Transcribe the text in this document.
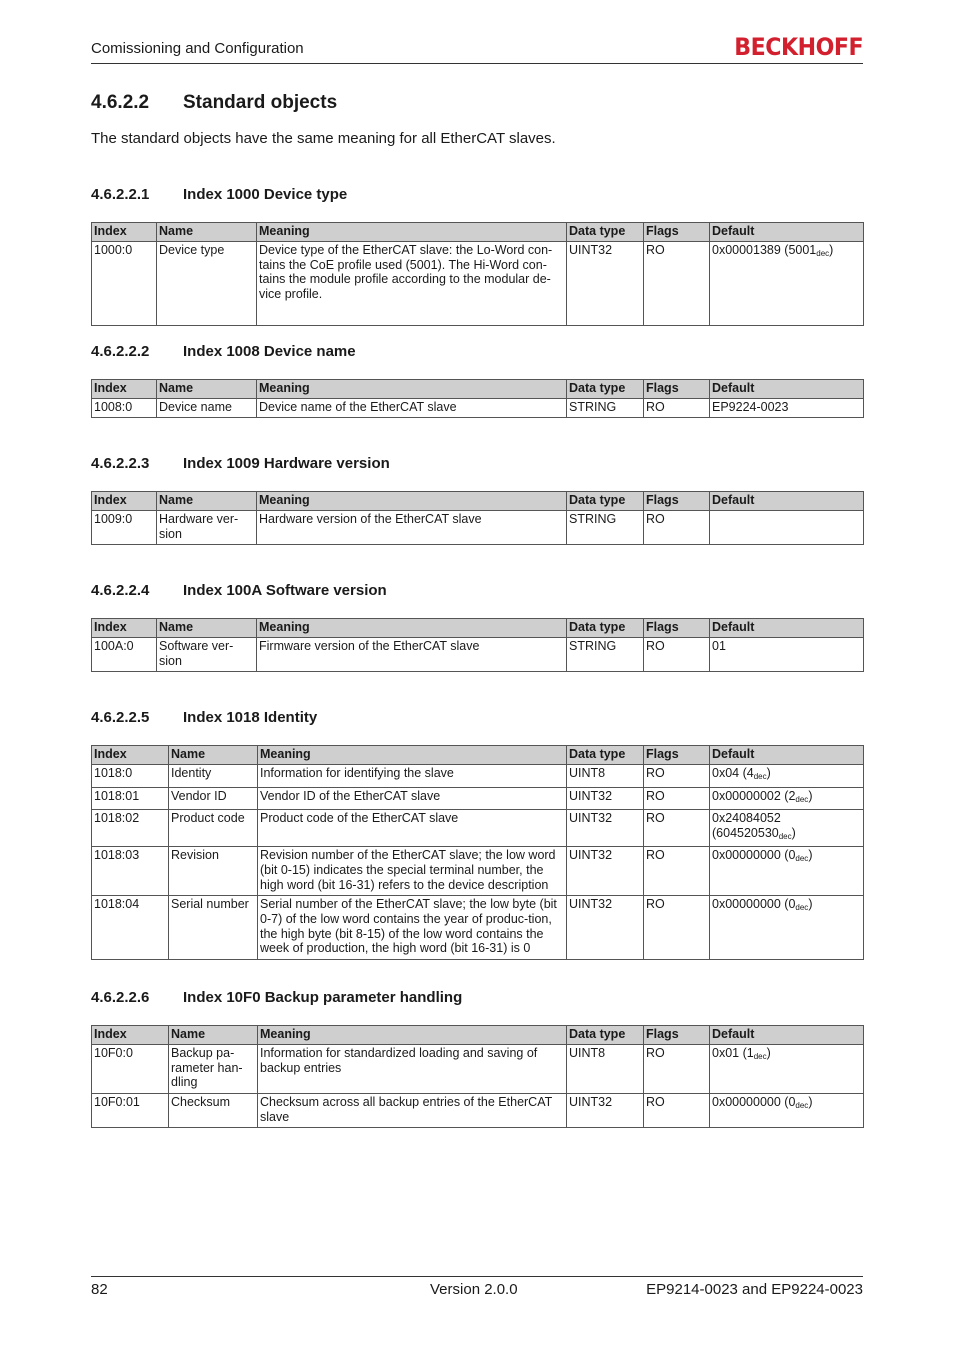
Comissioning and Configuration	BECKHOFF
4.6.2.2 Standard objects
The standard objects have the same meaning for all EtherCAT slaves.
4.6.2.2.1 Index 1000 Device type
Index	Name	Meaning	Data type	Flags	Default
1000:0	Device type	Device type of the EtherCAT slave: the Lo-Word con-tains the CoE profile used (5001). The Hi-Word con-tains the module profile according to the modular de-vice profile.	UINT32	RO	0x00001389 $(5001_{dec})$
4.6.2.2.2 Index 1008 Device name
Index	Name	Meaning	Data type	Flags	Default
1008:0	Device name	Device name of the EtherCAT slave	STRING	RO	EP9224-0023
4.6.2.2.3 Index 1009 Hardware version
Index	Name	Meaning	Data type	Flags	Default
1009:0	Hardware ver-sion	Hardware version of the EtherCAT slave	STRING	RO	
4.6.2.2.4 Index 100A Software version
Index	Name	Meaning	Data type	Flags	Default
100A:0	Software ver-sion	Firmware version of the EtherCAT slave	STRING	RO	01
4.6.2.2.5 Index 1018 Identity
Index	Name	Meaning	Data type	Flags	Default
1018:0	Identity	Information for identifying the slave	UINT8	RO	0x04 $(4_{dec})$
1018:01	Vendor ID	Vendor ID of the EtherCAT slave	UINT32	RO	0x00000002 $(2_{dec})$
1018:02	Product code	Product code of the EtherCAT slave	UINT32	RO	0x24084052 $(604520530_{dec})$
1018:03	Revision	Revision number of the EtherCAT slave; the low word (bit 0-15) indicates the special terminal number, the high word (bit 16-31) refers to the device description	UINT32	RO	0x00000000 $(0_{dec})$
1018:04	Serial number	Serial number of the EtherCAT slave; the low byte (bit 0-7) of the low word contains the year of produc-tion, the high byte (bit 8-15) of the low word contains the week of production, the high word (bit 16-31) is 0	UINT32	RO	0x00000000 $(0_{dec})$
4.6.2.2.6 Index 10F0 Backup parameter handling
Index	Name	Meaning	Data type	Flags	Default
10F0:0	Backup pa-rameter han-dling	Information for standardized loading and saving of backup entries	UINT8	RO	0x01 $(1_{dec})$
10F0:01	Checksum	Checksum across all backup entries of the EtherCAT slave	UINT32	RO	0x00000000 $(0_{dec})$
82	Version 2.0.0	EP9214-0023 and EP9224-0023
